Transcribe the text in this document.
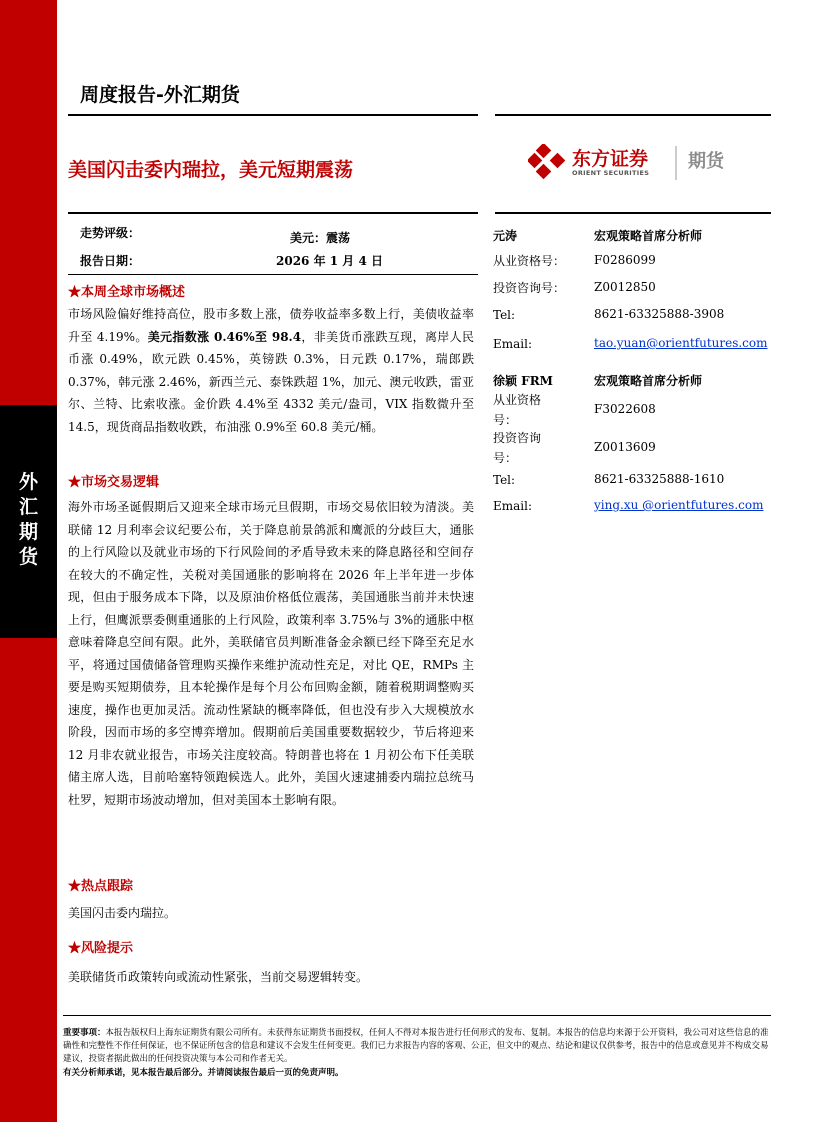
外
汇
期
货
周度报告-外汇期货
美国闪击委内瑞拉，美元短期震荡	东方证券
ORIENT SECURITIES
期货
走势评级：	美元：震荡
报告日期：	2026 年 1 月 4 日
★本周全球市场概述
市场风险偏好维持高位，股市多数上涨，债券收益率多数上行，美债收益率升至 4.19%。美元指数涨 0.46%至 98.4，非美货币涨跌互现，离岸人民币涨 0.49%，欧元跌 0.45%，英镑跌 0.3%，日元跌 0.17%，瑞郎跌 0.37%，韩元涨 2.46%，新西兰元、泰铢跌超 1%，加元、澳元收跌，雷亚尔、兰特、比索收涨。金价跌 4.4%至 4332 美元/盎司，VIX 指数微升至 14.5，现货商品指数收跌，布油涨 0.9%至 60.8 美元/桶。
★市场交易逻辑
海外市场圣诞假期后又迎来全球市场元旦假期，市场交易依旧较为清淡。美联储 12 月利率会议纪要公布，关于降息前景鸽派和鹰派的分歧巨大，通胀的上行风险以及就业市场的下行风险间的矛盾导致未来的降息路径和空间存在较大的不确定性，关税对美国通胀的影响将在 2026 年上半年进一步体现，但由于服务成本下降，以及原油价格低位震荡，美国通胀当前并未快速上行，但鹰派票委侧重通胀的上行风险，政策利率 3.75%与 3%的通胀中枢意味着降息空间有限。此外，美联储官员判断准备金余额已经下降至充足水平，将通过国债储备管理购买操作来维护流动性充足，对比 QE，RMPs 主要是购买短期债券，且本轮操作是每个月公布回购金额，随着税期调整购买速度，操作也更加灵活。流动性紧缺的概率降低，但也没有步入大规模放水阶段，因而市场的多空博弈增加。假期前后美国重要数据较少，节后将迎来 12 月非农就业报告，市场关注度较高。特朗普也将在 1 月初公布下任美联储主席人选，目前哈塞特领跑候选人。此外，美国火速逮捕委内瑞拉总统马杜罗，短期市场波动增加，但对美国本土影响有限。
★热点跟踪
美国闪击委内瑞拉。
★风险提示
美联储货币政策转向或流动性紧张，当前交易逻辑转变。
元涛	宏观策略首席分析师
从业资格号：	F0286099
投资咨询号：	Z0012850
Tel:	8621-63325888-3908
Email:	tao.yuan@orientfutures.com
徐颖 FRM	宏观策略首席分析师
从业资格号：
F3022608
投资咨询号：
Z0013609
Tel:	8621-63325888-1610
Email:	ying.xu @orientfutures.com
重要事项：本报告版权归上海东证期货有限公司所有。未获得东证期货书面授权，任何人不得对本报告进行任何形式的发布、复制。本报告的信息均来源于公开资料，我公司对这些信息的准确性和完整性不作任何保证，也不保证所包含的信息和建议不会发生任何变更。我们已力求报告内容的客观、公正，但文中的观点、结论和建议仅供参考，报告中的信息或意见并不构成交易建议，投资者据此做出的任何投资决策与本公司和作者无关。
有关分析师承诺，见本报告最后部分。并请阅读报告最后一页的免责声明。
